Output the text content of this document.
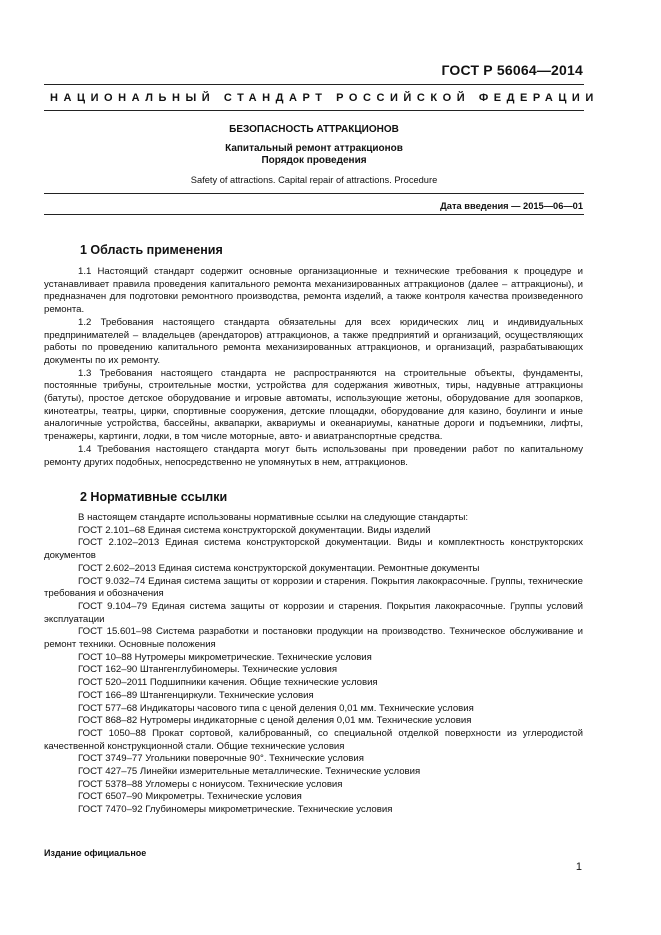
ГОСТ Р 56064—2014
НАЦИОНАЛЬНЫЙ СТАНДАРТ РОССИЙСКОЙ ФЕДЕРАЦИИ
БЕЗОПАСНОСТЬ АТТРАКЦИОНОВ
Капитальный ремонт аттракционов
Порядок проведения
Safety of attractions. Capital repair of attractions. Procedure
Дата введения — 2015—06—01
1 Область применения

1.1 Настоящий стандарт содержит основные организационные и технические требования к процедуре и устанавливает правила проведения капитального ремонта механизированных аттракционов (далее – аттракционы), и предназначен для подготовки ремонтного производства, ремонта изделий, а также контроля качества произведенного ремонта.

1.2 Требования настоящего стандарта обязательны для всех юридических лиц и индивидуальных предпринимателей – владельцев (арендаторов) аттракционов, а также предприятий и организаций, осуществляющих работы по проведению капитального ремонта механизированных аттракционов, и организаций, разрабатывающих документы по их ремонту.

1.3 Требования настоящего стандарта не распространяются на строительные объекты, фундаменты, постоянные трибуны, строительные мостки, устройства для содержания животных, тиры, надувные аттракционы (батуты), простое детское оборудование и игровые автоматы, использующие жетоны, оборудование для зоопарков, кинотеатры, театры, цирки, спортивные сооружения, детские площадки, оборудование для казино, боулинги и иные аналогичные устройства, бассейны, аквапарки, аквариумы и океанариумы, канатные дороги и подъемники, лифты, тренажеры, картинги, лодки, в том числе моторные, авто- и авиатранспортные средства.

1.4 Требования настоящего стандарта могут быть использованы при проведении работ по капитальному ремонту других подобных, непосредственно не упомянутых в нем, аттракционов.

2 Нормативные ссылки

В настоящем стандарте использованы нормативные ссылки на следующие стандарты:

ГОСТ 2.101–68 Единая система конструкторской документации. Виды изделий

ГОСТ 2.102–2013 Единая система конструкторской документации. Виды и комплектность конструкторских документов

ГОСТ 2.602–2013 Единая система конструкторской документации. Ремонтные документы

ГОСТ 9.032–74 Единая система защиты от коррозии и старения. Покрытия лакокрасочные. Группы, технические требования и обозначения

ГОСТ 9.104–79 Единая система защиты от коррозии и старения. Покрытия лакокрасочные. Группы условий эксплуатации

ГОСТ 15.601–98 Система разработки и постановки продукции на производство. Техническое обслуживание и ремонт техники. Основные положения

ГОСТ 10–88 Нутромеры микрометрические. Технические условия

ГОСТ 162–90 Штангенглубиномеры. Технические условия

ГОСТ 520–2011 Подшипники качения. Общие технические условия

ГОСТ 166–89 Штангенциркули. Технические условия

ГОСТ 577–68 Индикаторы часового типа с ценой деления 0,01 мм. Технические условия

ГОСТ 868–82 Нутромеры индикаторные с ценой деления 0,01 мм. Технические условия

ГОСТ 1050–88 Прокат сортовой, калиброванный, со специальной отделкой поверхности из углеродистой качественной конструкционной стали. Общие технические условия

ГОСТ 3749–77 Угольники поверочные 90°. Технические условия

ГОСТ 427–75 Линейки измерительные металлические. Технические условия

ГОСТ 5378–88 Угломеры с нониусом. Технические условия

ГОСТ 6507–90 Микрометры. Технические условия

ГОСТ 7470–92 Глубиномеры микрометрические. Технические условия

Издание официальное
1
